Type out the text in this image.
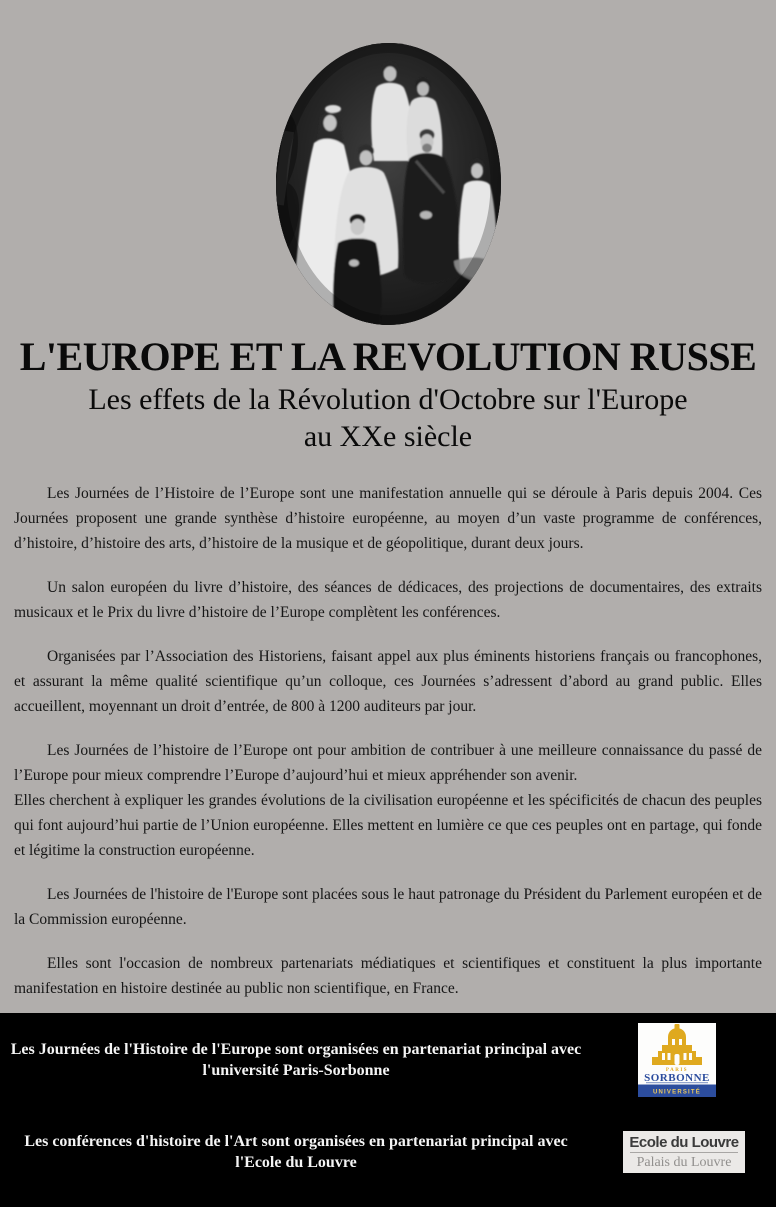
L'EUROPE ET LA REVOLUTION RUSSE
Les effets de la Révolution d'Octobre sur l'Europe
au XXe siècle

Les Journées de l’Histoire de l’Europe sont une manifestation annuelle qui se déroule à Paris depuis 2004. Ces Journées proposent une grande synthèse d’histoire européenne, au moyen d’un vaste programme de conférences, d’histoire, d’histoire des arts, d’histoire de la musique et de géopolitique, durant deux jours.

Un salon européen du livre d’histoire, des séances de dédicaces, des projections de documentaires, des extraits musicaux et le Prix du livre d’histoire de l’Europe complètent les conférences.

Organisées par l’Association des Historiens, faisant appel aux plus éminents historiens français ou francophones, et assurant la même qualité scientifique qu’un colloque, ces Journées s’adressent d’abord au grand public. Elles accueillent, moyennant un droit d’entrée, de 800 à 1200 auditeurs par jour.

Les Journées de l’histoire de l’Europe ont pour ambition de contribuer à une meilleure connaissance du passé de l’Europe pour mieux comprendre l’Europe d’aujourd’hui et mieux appréhender son avenir.

Elles cherchent à expliquer les grandes évolutions de la civilisation européenne et les spécificités de chacun des peuples qui font aujourd’hui partie de l’Union européenne. Elles mettent en lumière ce que ces peuples ont en partage, qui fonde et légitime la construction européenne.

Les Journées de l'histoire de l'Europe sont placées sous le haut patronage du Président du Parlement européen et de la Commission européenne.

Elles sont l'occasion de nombreux partenariats médiatiques et scientifiques et constituent la plus importante manifestation en histoire destinée au public non scientifique, en France.

Les Journées de l'Histoire de l'Europe sont organisées en partenariat principal avec
l'université Paris-Sorbonne	PARIS
SORBONNE
UNIVERSITÉ
Les conférences d'histoire de l'Art sont organisées en partenariat principal avec
l'Ecole du Louvre
Ecole du Louvre
Palais du Louvre
